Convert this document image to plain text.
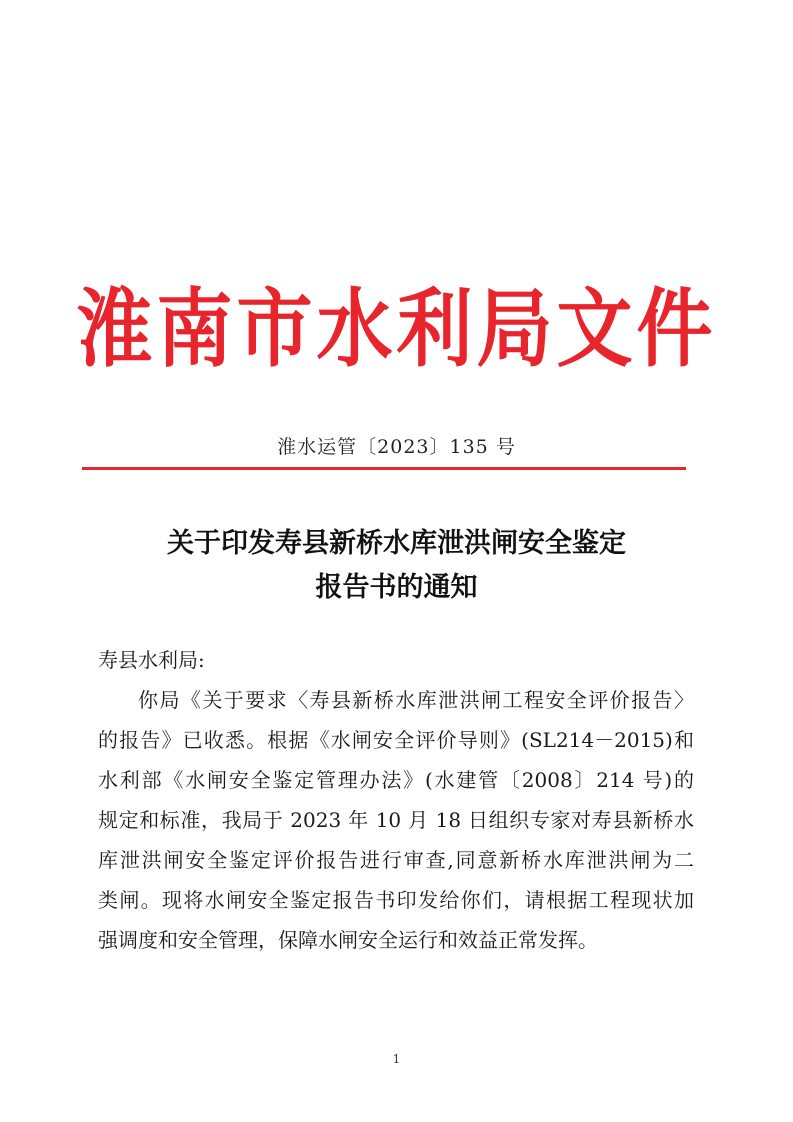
淮南市水利局文件
淮水运管〔2023〕135 号
关于印发寿县新桥水库泄洪闸安全鉴定
报告书的通知
寿县水利局:
你局《关于要求〈寿县新桥水库泄洪闸工程安全评价报告〉
的报告》已收悉。根据《水闸安全评价导则》(SL214－2015)和
水利部《水闸安全鉴定管理办法》(水建管〔2008〕214 号)的
规定和标准，我局于 2023 年 10 月 18 日组织专家对寿县新桥水
库泄洪闸安全鉴定评价报告进行审查,同意新桥水库泄洪闸为二
类闸。现将水闸安全鉴定报告书印发给你们，请根据工程现状加
强调度和安全管理，保障水闸安全运行和效益正常发挥。
1
